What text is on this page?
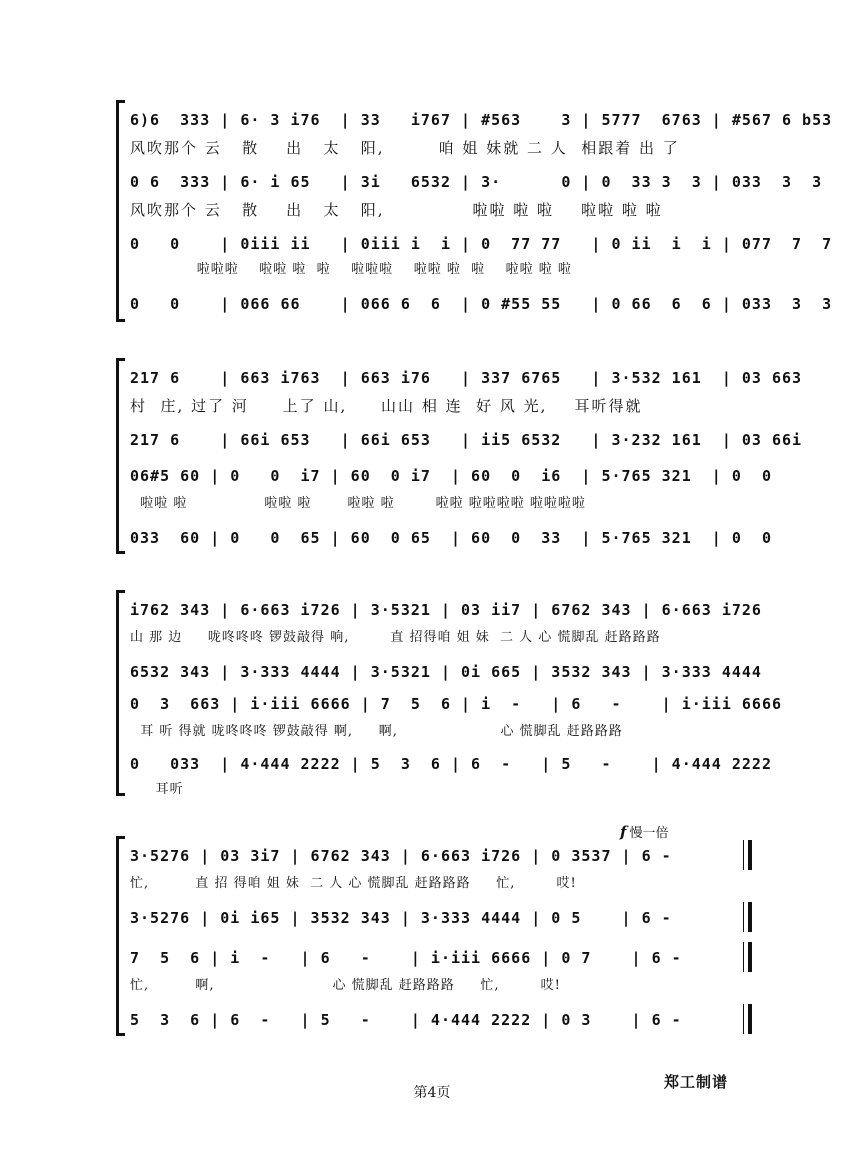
6)6  333 | 6· 3 i76  | 33   i767 | #563    3 | 5777  6763 | #567 6 b53
风吹那个 云   散    出   太   阳,        咱 姐 妹就 二 人  相跟着 出 了
0 6  333 | 6· i 65   | 3i   6532 | 3·      0 | 0  33 3  3 | 033  3  3
风吹那个 云   散    出   太   阳,             啦啦 啦 啦    啦啦 啦 啦
0   0    | 0iii ii   | 0iii i  i | 0  77 77   | 0 ii  i  i | 077  7  7
啦啦啦    啦啦 啦  啦    啦啦啦    啦啦 啦  啦    啦啦 啦 啦
0   0    | 066 66    | 066 6  6  | 0 #55 55   | 0 66  6  6 | 033  3  3
217 6    | 663 i763  | 663 i76   | 337 6765   | 3·532 161  | 03 663
村  庄, 过了 河     上了 山,     山山 相 连  好 风 光,    耳听得就
217 6    | 66i 653   | 66i 653   | ii5 6532   | 3·232 161  | 03 66i
06#5 60 | 0   0  i7 | 60  0 i7  | 60  0  i6  | 5·765 321  | 0  0
啦啦 啦               啦啦 啦       啦啦 啦        啦啦 啦啦啦啦 啦啦啦啦
033  60 | 0   0  65 | 60  0 65  | 60  0  33  | 5·765 321  | 0  0
i762 343 | 6·663 i726 | 3·5321 | 03 ii7 | 6762 343 | 6·663 i726
山 那 边     咙咚咚咚 锣鼓敲得 响,        直 招得咱 姐 妹  二 人 心 慌脚乱 赶路路路
6532 343 | 3·333 4444 | 3·5321 | 0i 665 | 3532 343 | 3·333 4444
0  3  663 | i·iii 6666 | 7  5  6 | i  -   | 6   -    | i·iii 6666
耳 听 得就 咙咚咚咚 锣鼓敲得 啊,     啊,                    心 慌脚乱 赶路路路
0   033  | 4·444 2222 | 5  3  6 | 6  -   | 5   -    | 4·444 2222
耳听
f 慢一倍
3·5276 | 03 3i7 | 6762 343 | 6·663 i726 | 0 3537 | 6 -
忙,         直 招 得咱 姐 妹  二 人 心 慌脚乱 赶路路路     忙,        哎!
3·5276 | 0i i65 | 3532 343 | 3·333 4444 | 0 5    | 6 -
7  5  6 | i  -   | 6   -    | i·iii 6666 | 0 7    | 6 -
忙,         啊,                       心 慌脚乱 赶路路路     忙,        哎!
5  3  6 | 6  -   | 5   -    | 4·444 2222 | 0 3    | 6 -
郑工制谱
第4页
